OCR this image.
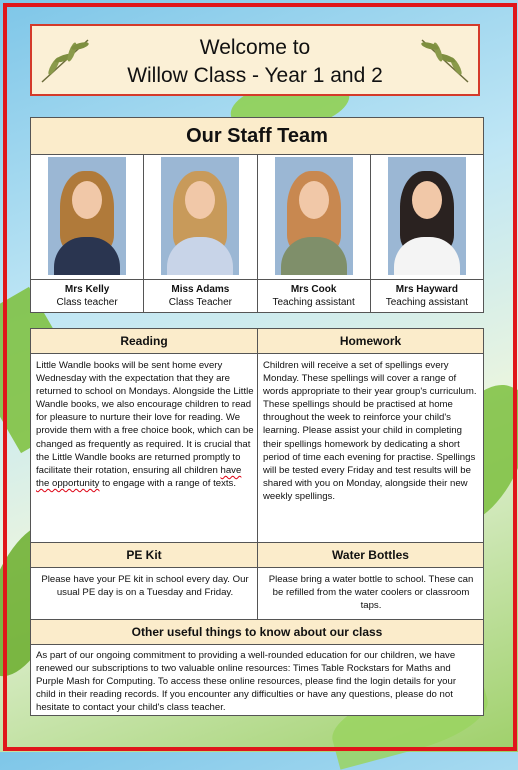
Welcome to
Willow Class - Year 1 and 2
Our Staff Team
Mrs Kelly
Class teacher
Miss Adams
Class Teacher
Mrs Cook
Teaching assistant
Mrs Hayward
Teaching assistant
Reading	Homework
Little Wandle books will be sent home every Wednesday with the expectation that they are returned to school on Mondays. Alongside the Little Wandle books, we also encourage children to read for pleasure to nurture their love for reading. We provide them with a free choice book, which can be changed as frequently as required. It is crucial that the Little Wandle books are returned promptly to facilitate their rotation, ensuring all children have the opportunity to engage with a range of texts.
Children will receive a set of spellings every Monday. These spellings will cover a range of words appropriate to their year group's curriculum. These spellings should be practised at home throughout the week to reinforce your child's learning. Please assist your child in completing their spellings homework by dedicating a short period of time each evening for practise. Spellings will be tested every Friday and test results will be shared with you on Monday, alongside their new weekly spellings.
PE Kit	Water Bottles
Please have your PE kit in school every day. Our usual PE day is on a Tuesday and Friday.
Please bring a water bottle to school. These can be refilled from the water coolers or classroom taps.
Other useful things to know about our class
As part of our ongoing commitment to providing a well-rounded education for our children, we have renewed our subscriptions to two valuable online resources: Times Table Rockstars for Maths and Purple Mash for Computing. To access these online resources, please find the login details for your child in their reading records. If you encounter any difficulties or have any questions, please do not hesitate to contact your child's class teacher.
